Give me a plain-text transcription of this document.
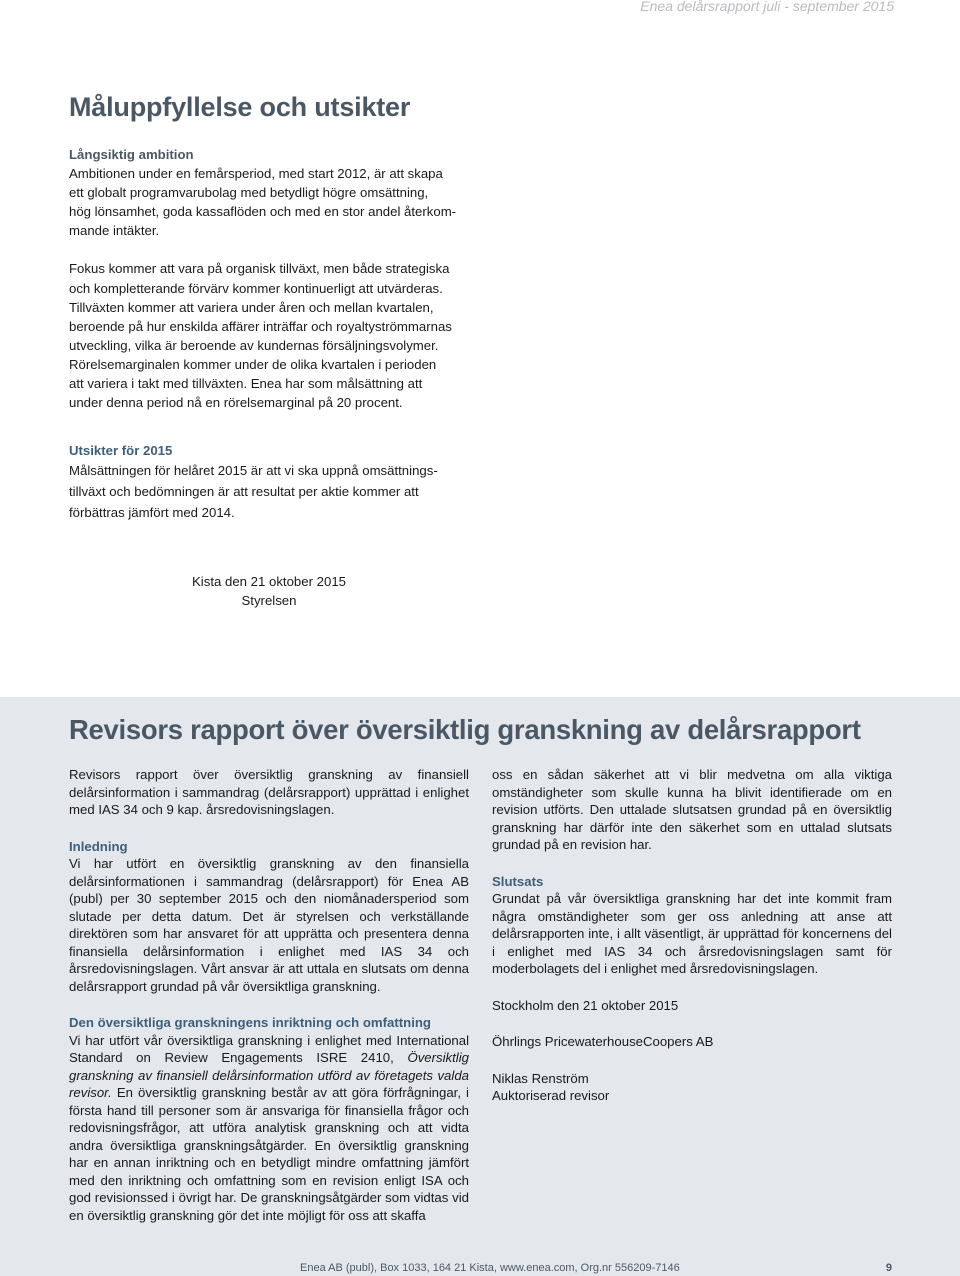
Enea delårsrapport juli - september 2015
Måluppfyllelse och utsikter
Långsiktig ambition

Ambitionen under en femårsperiod, med start 2012, är att skapa

ett globalt programvarubolag med betydligt högre omsättning,

hög lönsamhet, goda kassaflöden och med en stor andel återkom-

mande intäkter.

Fokus kommer att vara på organisk tillväxt, men både strategiska

och kompletterande förvärv kommer kontinuerligt att utvärderas.

Tillväxten kommer att variera under åren och mellan kvartalen,

beroende på hur enskilda affärer inträffar och royaltyströmmarnas

utveckling, vilka är beroende av kundernas försäljningsvolymer.

Rörelsemarginalen kommer under de olika kvartalen i perioden

att variera i takt med tillväxten. Enea har som målsättning att

under denna period nå en rörelsemarginal på 20 procent.

Utsikter för 2015

Målsättningen för helåret 2015 är att vi ska uppnå omsättnings-

tillväxt och bedömningen är att resultat per aktie kommer att

förbättras jämfört med 2014.

Kista den 21 oktober 2015
Styrelsen
Revisors rapport över översiktlig granskning av delårsrapport

Revisors rapport över översiktlig granskning av finansiell delårsinformation i sammandrag (delårsrapport) upprättad i enlighet med IAS 34 och 9 kap. årsredovisningslagen.

Inledning

Vi har utfört en översiktlig granskning av den finansiella delårsinformationen i sammandrag (delårsrapport) för Enea AB (publ) per 30 september 2015 och den niomånadersperiod som slutade per detta datum. Det är styrelsen och verkställande direktören som har ansvaret för att upprätta och presentera denna finansiella delårsinformation i enlighet med IAS 34 och årsredovisningslagen. Vårt ansvar är att uttala en slutsats om denna delårsrapport grundad på vår översiktliga granskning.

Den översiktliga granskningens inriktning och omfattning

Vi har utfört vår översiktliga granskning i enlighet med International Standard on Review Engagements ISRE 2410, Översiktlig granskning av finansiell delårsinformation utförd av företagets valda revisor. En översiktlig granskning består av att göra förfrågningar, i första hand till personer som är ansvariga för finansiella frågor och redovisningsfrågor, att utföra analytisk granskning och att vidta andra översiktliga granskningsåtgärder. En översiktlig granskning har en annan inriktning och en betydligt mindre omfattning jämfört med den inriktning och omfattning som en revision enligt ISA och god revisionssed i övrigt har. De granskningsåtgärder som vidtas vid en översiktlig granskning gör det inte möjligt för oss att skaffa

oss en sådan säkerhet att vi blir medvetna om alla viktiga omständigheter som skulle kunna ha blivit identifierade om en revision utförts. Den uttalade slutsatsen grundad på en översiktlig granskning har därför inte den säkerhet som en uttalad slutsats grundad på en revision har.

Slutsats

Grundat på vår översiktliga granskning har det inte kommit fram några omständigheter som ger oss anledning att anse att delårsrapporten inte, i allt väsentligt, är upprättad för koncernens del i enlighet med IAS 34 och årsredovisningslagen samt för moderbolagets del i enlighet med årsredovisningslagen.

Stockholm den 21 oktober 2015

Öhrlings PricewaterhouseCoopers AB

Niklas Renström

Auktoriserad revisor

Enea AB (publ), Box 1033, 164 21 Kista, www.enea.com, Org.nr 556209-7146	9
